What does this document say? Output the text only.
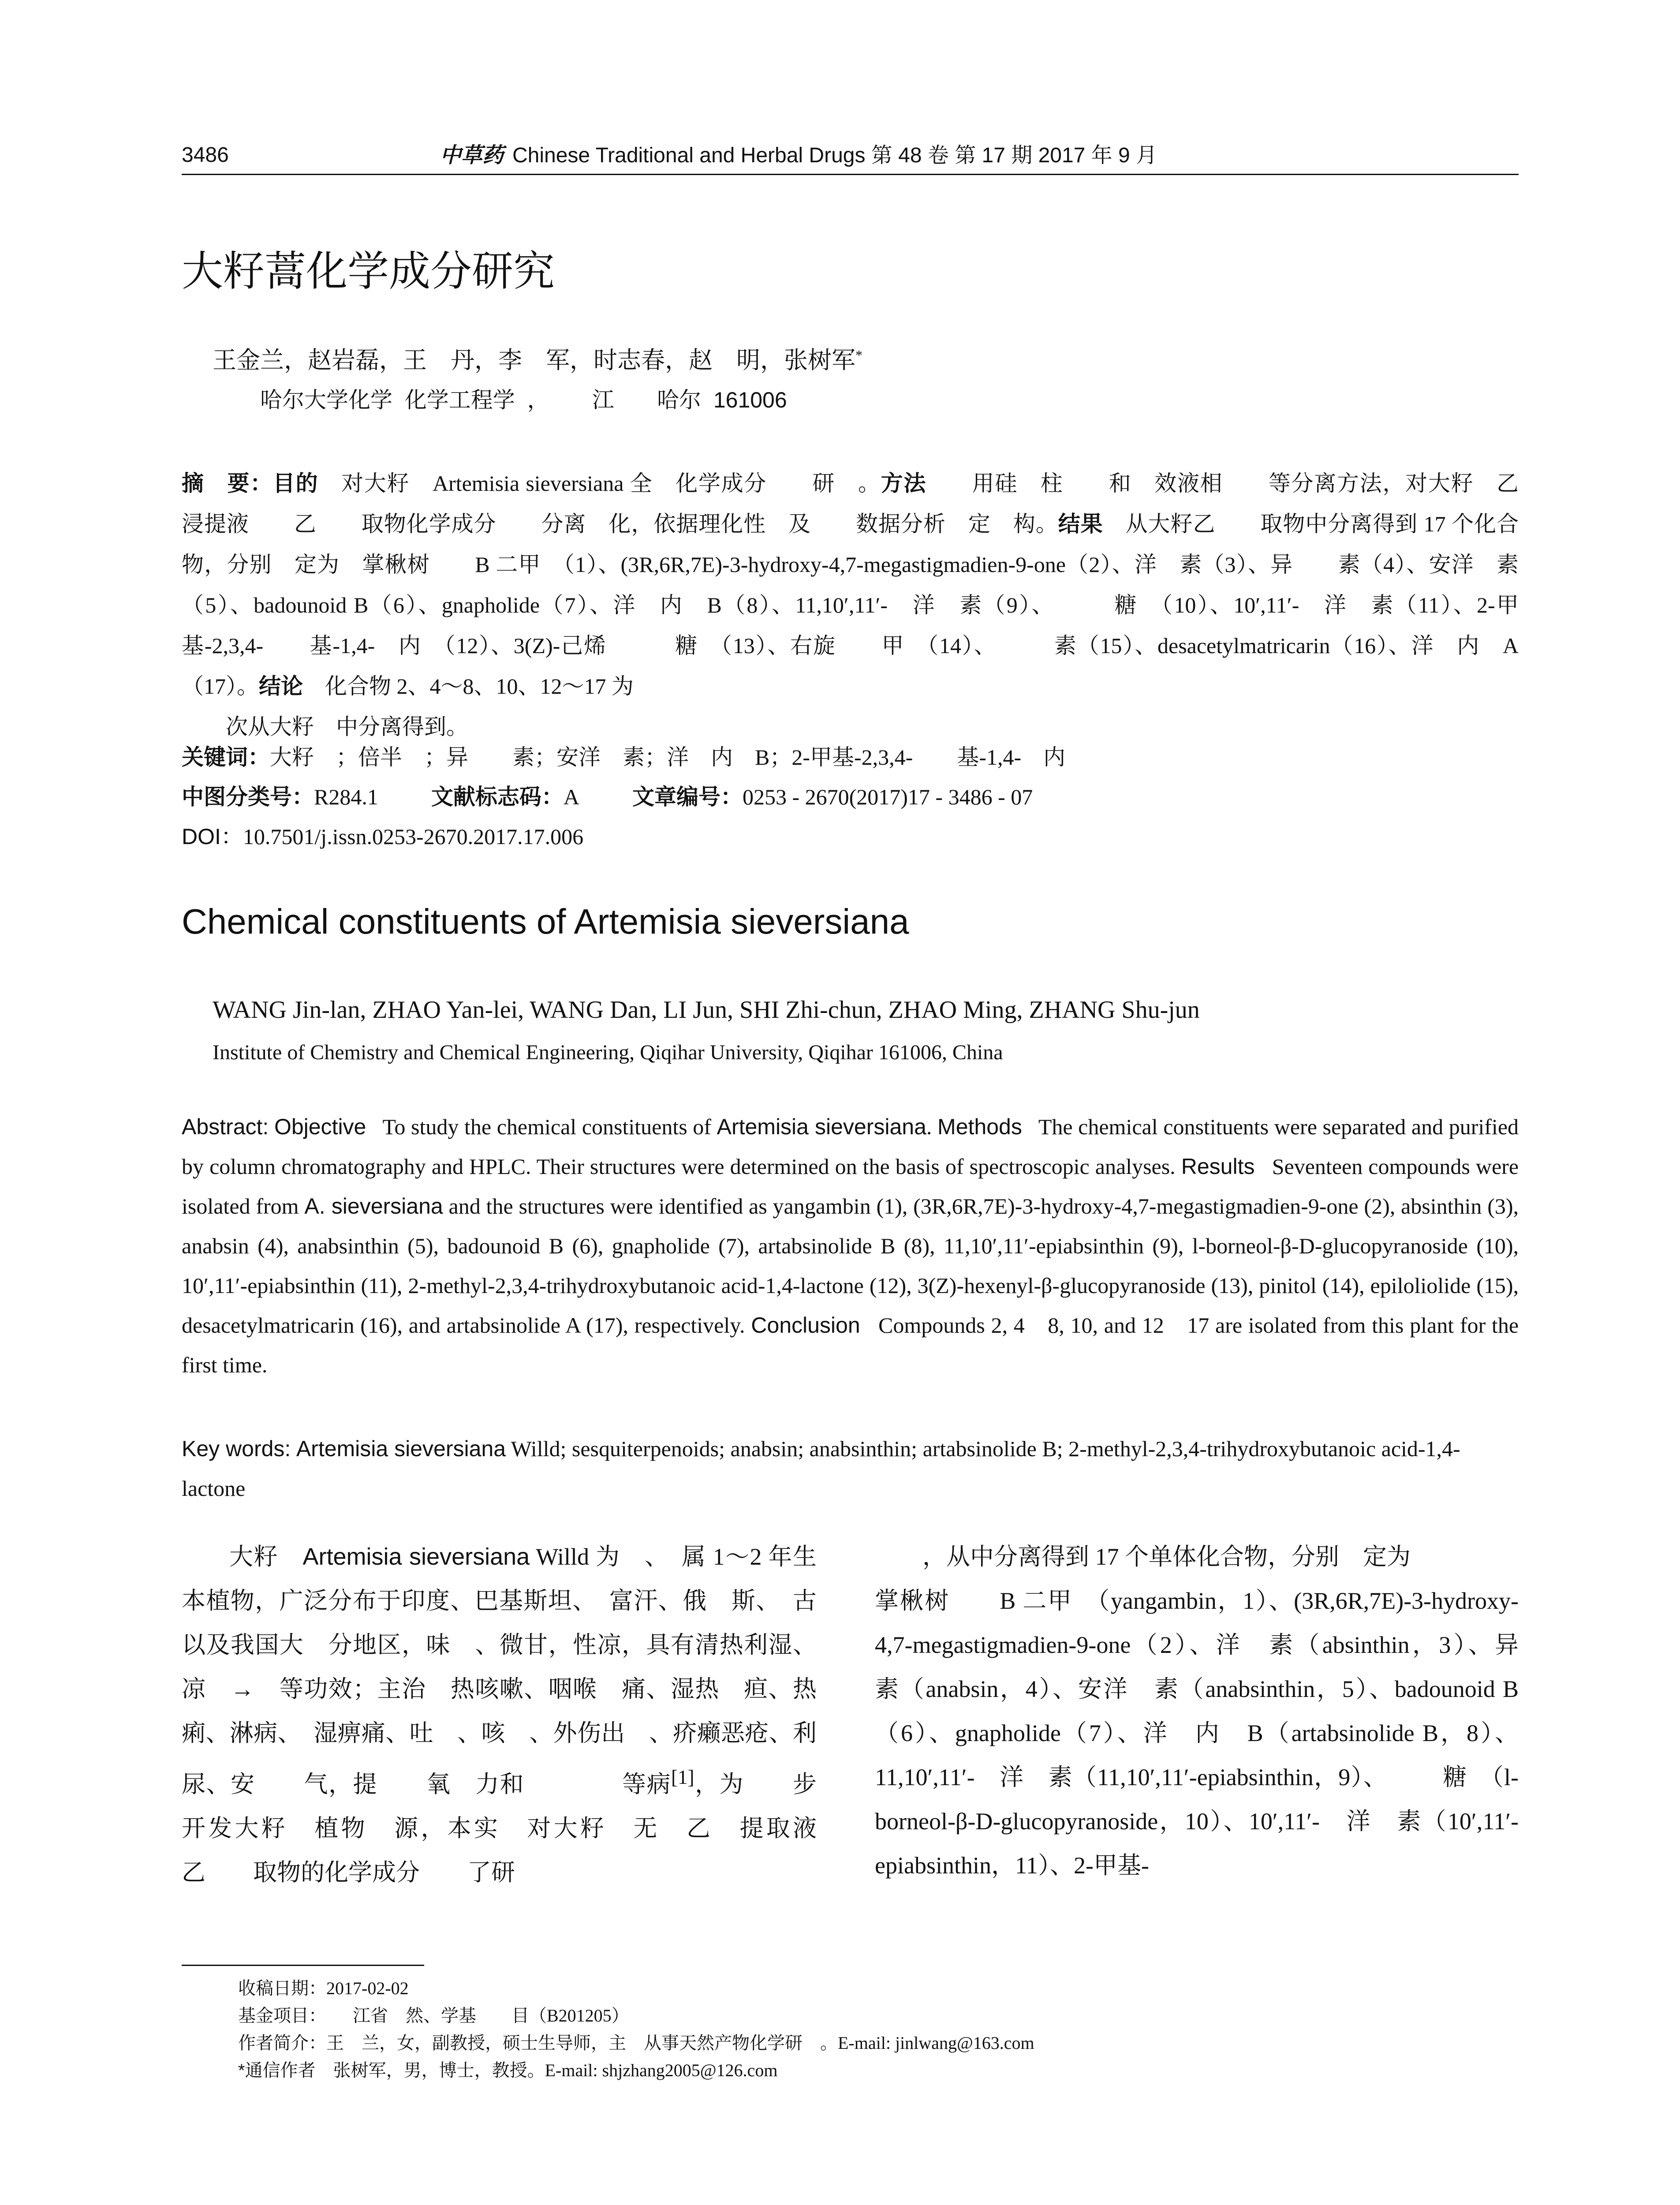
3486	中草药 Chinese Traditional and Herbal Drugs 第 48 卷 第 17 期 2017 年 9 月
大籽蒿化学成分研究
王金兰，赵岩磊，王　丹，李　军，时志春，赵　明，张树军*
哈尔大学化学  化学工程学  ，       江       哈尔  161006
摘　要：目的　对大籽　Artemisia sieversiana 全　化学成分　　研　。方法　　用硅　柱　　和　效液相　　等分离方法，对大籽　乙　浸提液　　乙　　取物化学成分　　分离　化，依据理化性　及　　数据分析　定　构。结果　从大籽乙　　取物中分离得到 17 个化合物，分别　定为　掌楸树　　B 二甲　（1）、(3R,6R,7E)-3-hydroxy-4,7-megastigmadien-9-one（2）、洋　素（3）、异　　素（4）、安洋　素（5）、badounoid B（6）、gnapholide（7）、洋　内　B（8）、11,10′,11′-　洋　素（9）、　　　糖　（10）、10′,11′-　洋　素（11）、2-甲基-2,3,4-　　基-1,4-　内　（12）、3(Z)-己烯　　　糖　（13）、右旋　　甲　（14）、　　　素（15）、desacetylmatricarin（16）、洋　内　A（17）。结论　化合物 2、4～8、10、12～17 为
次从大籽　中分离得到。
关键词：大籽　；倍半　；异　　素；安洋　素；洋　内　B；2-甲基-2,3,4-　　基-1,4-　内
中图分类号：R284.1 文献标志码：A 文章编号：0253 - 2670(2017)17 - 3486 - 07
DOI：10.7501/j.issn.0253-2670.2017.17.006
Chemical constituents of Artemisia sieversiana
WANG Jin-lan, ZHAO Yan-lei, WANG Dan, LI Jun, SHI Zhi-chun, ZHAO Ming, ZHANG Shu-jun
Institute of Chemistry and Chemical Engineering, Qiqihar University, Qiqihar 161006, China
Abstract: Objective To study the chemical constituents of Artemisia sieversiana. Methods The chemical constituents were separated and purified by column chromatography and HPLC. Their structures were determined on the basis of spectroscopic analyses. Results Seventeen compounds were isolated from A. sieversiana and the structures were identified as yangambin (1), (3R,6R,7E)-3-hydroxy-4,7-megastigmadien-9-one (2), absinthin (3), anabsin (4), anabsinthin (5), badounoid B (6), gnapholide (7), artabsinolide B (8), 11,10′,11′-epiabsinthin (9), l-borneol-β-D-glucopyranoside (10), 10′,11′-epiabsinthin (11), 2-methyl-2,3,4-trihydroxybutanoic acid-1,4-lactone (12), 3(Z)-hexenyl-β-glucopyranoside (13), pinitol (14), epiloliolide (15), desacetylmatricarin (16), and artabsinolide A (17), respectively. Conclusion Compounds 2, 4　8, 10, and 12　17 are isolated from this plant for the first time.
Key words: Artemisia sieversiana Willd; sesquiterpenoids; anabsin; anabsinthin; artabsinolide B; 2-methyl-2,3,4-trihydroxybutanoic acid-1,4-lactone
大籽　Artemisia sieversiana Willd 为　、　属 1～2 年生　本植物，广泛分布于印度、巴基斯坦、　富汗、俄　斯、　古以及我国大　分地区，味　、微甘，性凉，具有清热利湿、凉　→　等功效；主治　热咳嗽、咽喉　痛、湿热　疸、热痢、淋病、　湿痹痛、吐　、咳　、外伤出　、疥癞恶疮、利尿、安　　气，提　　氧　力和　　　　等病[1]，为　　步开发大籽　植物　源，本实　对大籽　无　乙　提取液　　乙　　取物的化学成分　　了研
，从中分离得到 17 个单体化合物，分别　定为
掌楸树　　B 二甲　（yangambin，1）、(3R,6R,7E)-3-hydroxy-4,7-megastigmadien-9-one（2）、洋　素（absinthin，3）、异　　素（anabsin，4）、安洋　素（anabsinthin，5）、badounoid B（6）、gnapholide（7）、洋　内　B（artabsinolide B，8）、11,10′,11′-　洋　素（11,10′,11′-epiabsinthin，9）、 　　糖　（l-borneol-β-D-glucopyranoside，10）、10′,11′-　洋　素（10′,11′-epiabsinthin，11）、2-甲基-
收稿日期：2017-02-02
基金项目：　　江省　然、学基　　目（B201205）
作者简介：王　兰，女，副教授，硕士生导师，主　从事天然产物化学研　。E-mail: jinlwang@163.com
*通信作者　张树军，男，博士，教授。E-mail: shjzhang2005@126.com
